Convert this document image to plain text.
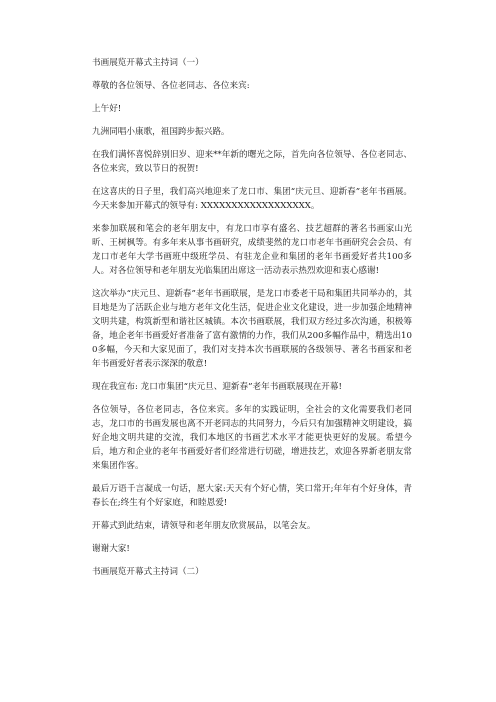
书画展览开幕式主持词（一）

尊敬的各位领导、各位老同志、各位来宾:

上午好!

九洲同唱小康歌，祖国跨步振兴路。

在我们满怀喜悦辞别旧岁、迎来**年新的曙光之际，首先向各位领导、各位老同志、各位来宾，致以节日的祝贺!

在这喜庆的日子里，我们高兴地迎来了龙口市、集团“庆元旦、迎新春”老年书画展。今天来参加开幕式的领导有: XXXXXXXXXXXXXXXXXX。

来参加联展和笔会的老年朋友中，有龙口市享有盛名、技艺超群的著名书画家山光昕、王树枫等。有多年来从事书画研究，成绩斐然的龙口市老年书画研究会会员、有龙口市老年大学书画班中级班学员、有驻龙企业和集团的老年书画爱好者共100多人。对各位领导和老年朋友光临集团出席这一活动表示热烈欢迎和衷心感谢!

这次举办“庆元旦、迎新春”老年书画联展，是龙口市委老干局和集团共同举办的，其目地是为了活跃企业与地方老年文化生活，促进企业文化建设，进一步加强企地精神文明共建，构筑新型和谐社区城镇。本次书画联展，我们双方经过多次沟通，积极筹备，地企老年书画爱好者准备了富有激情的力作，我们从200多幅作品中，精选出100多幅，今天和大家见面了，我们对支持本次书画联展的各级领导、著名书画家和老年书画爱好者表示深深的敬意!

现在我宣布: 龙口市集团“庆元旦、迎新春”老年书画联展现在开幕!

各位领导，各位老同志，各位来宾。多年的实践证明，全社会的文化需要我们老同志，龙口市的书画发展也离不开老同志的共同努力，今后只有加强精神文明建设，搞好企地文明共建的交流，我们本地区的书画艺术水平才能更快更好的发展。希望今后，地方和企业的老年书画爱好者们经常进行切磋，增进技艺，欢迎各界新老朋友常来集团作客。

最后万语千言凝成一句话，愿大家:天天有个好心情，笑口常开;年年有个好身体，青春长在;终生有个好家庭，和睦恩爱!

开幕式到此结束，请领导和老年朋友欣赏展品，以笔会友。

谢谢大家!

书画展览开幕式主持词（二）
